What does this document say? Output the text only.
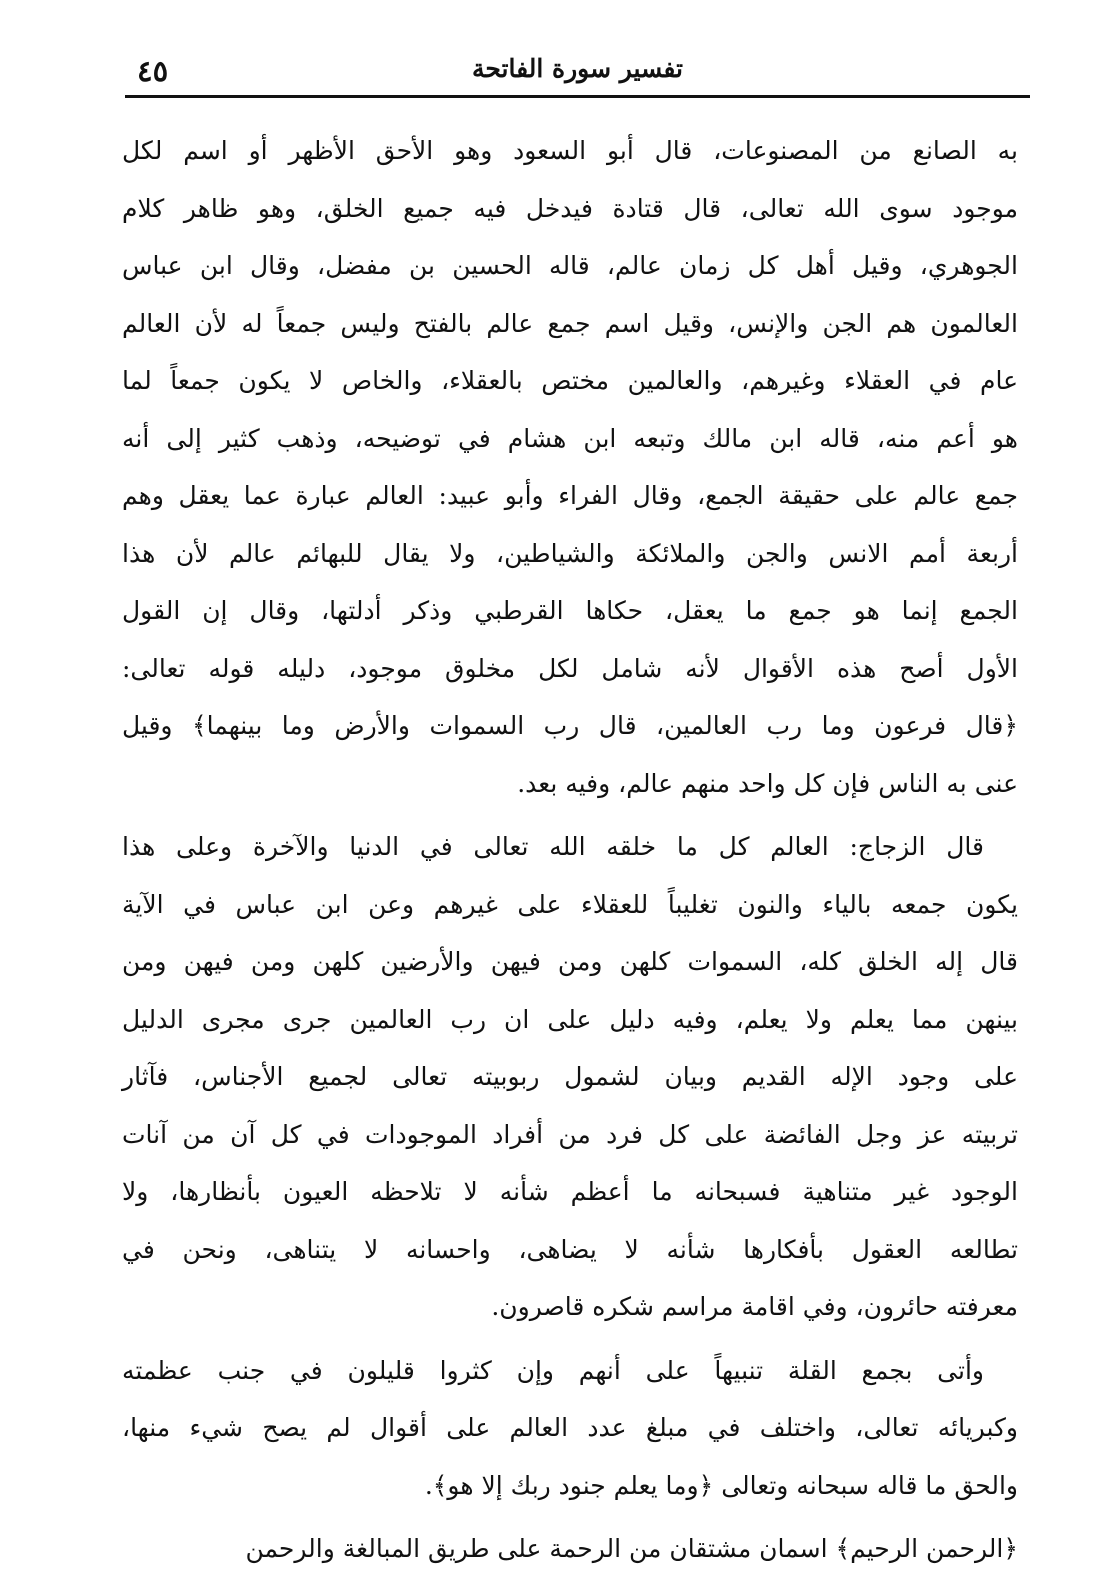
تفسير سورة الفاتحة
٤٥

به الصانع من المصنوعات، قال أبو السعود وهو الأحق الأظهر أو اسم لكل
موجود سوى الله تعالى، قال قتادة فيدخل فيه جميع الخلق، وهو ظاهر كلام
الجوهري، وقيل أهل كل زمان عالم، قاله الحسين بن مفضل، وقال ابن عباس
العالمون هم الجن والإنس، وقيل اسم جمع عالم بالفتح وليس جمعاً له لأن العالم
عام في العقلاء وغيرهم، والعالمين مختص بالعقلاء، والخاص لا يكون جمعاً لما
هو أعم منه، قاله ابن مالك وتبعه ابن هشام في توضيحه، وذهب كثير إلى أنه
جمع عالم على حقيقة الجمع، وقال الفراء وأبو عبيد: العالم عبارة عما يعقل وهم
أربعة أمم الانس والجن والملائكة والشياطين، ولا يقال للبهائم عالم لأن هذا
الجمع إنما هو جمع ما يعقل، حكاها القرطبي وذكر أدلتها، وقال إن القول
الأول أصح هذه الأقوال لأنه شامل لكل مخلوق موجود، دليله قوله تعالى:
﴿قال فرعون وما رب العالمين، قال رب السموات والأرض وما بينهما﴾ وقيل
عنى به الناس فإن كل واحد منهم عالم، وفيه بعد.

قال الزجاج: العالم كل ما خلقه الله تعالى في الدنيا والآخرة وعلى هذا
يكون جمعه بالياء والنون تغليباً للعقلاء على غيرهم وعن ابن عباس في الآية
قال إله الخلق كله، السموات كلهن ومن فيهن والأرضين كلهن ومن فيهن ومن
بينهن مما يعلم ولا يعلم، وفيه دليل على ان رب العالمين جرى مجرى الدليل
على وجود الإله القديم وبيان لشمول ربوبيته تعالى لجميع الأجناس، فآثار
تربيته عز وجل الفائضة على كل فرد من أفراد الموجودات في كل آن من آنات
الوجود غير متناهية فسبحانه ما أعظم شأنه لا تلاحظه العيون بأنظارها، ولا
تطالعه العقول بأفكارها شأنه لا يضاهى، واحسانه لا يتناهى، ونحن في
معرفته حائرون، وفي اقامة مراسم شكره قاصرون.

وأتى بجمع القلة تنبيهاً على أنهم وإن كثروا قليلون في جنب عظمته
وكبريائه تعالى، واختلف في مبلغ عدد العالم على أقوال لم يصح شيء منها،
والحق ما قاله سبحانه وتعالى ﴿وما يعلم جنود ربك إلا هو﴾.

﴿الرحمن الرحيم﴾ اسمان مشتقان من الرحمة على طريق المبالغة والرحمن
